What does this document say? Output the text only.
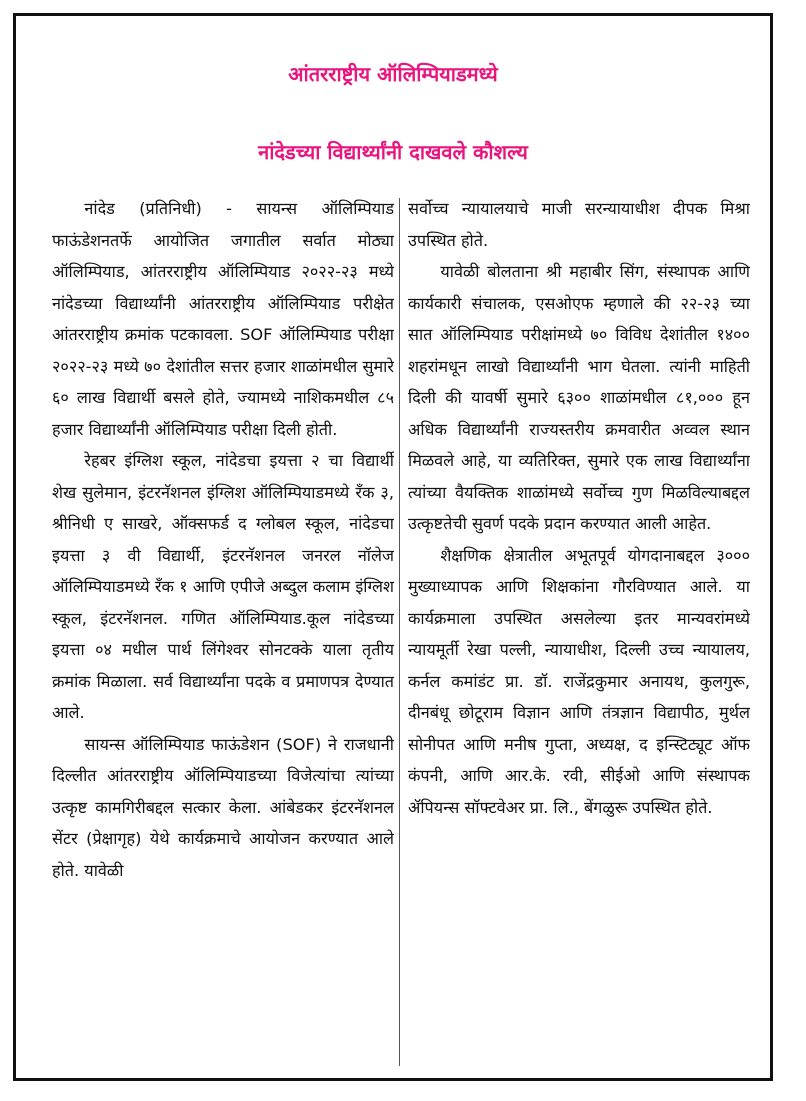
आंतरराष्ट्रीय ऑलिम्पियाडमध्ये
नांदेडच्या विद्यार्थ्यांनी दाखवले कौशल्य

नांदेड (प्रतिनिधी) - सायन्स ऑलिम्पियाड फाऊंडेशनतर्फे आयोजित जगातील सर्वात मोठ्या ऑलिम्पियाड, आंतरराष्ट्रीय ऑलिम्पियाड २०२२-२३ मध्ये नांदेडच्या विद्यार्थ्यांनी आंतरराष्ट्रीय ऑलिम्पियाड परीक्षेत आंतरराष्ट्रीय क्रमांक पटकावला. SOF ऑलिम्पियाड परीक्षा २०२२-२३ मध्ये ७० देशांतील सत्तर हजार शाळांमधील सुमारे ६० लाख विद्यार्थी बसले होते, ज्यामध्ये नाशिकमधील ८५ हजार विद्यार्थ्यांनी ऑलिम्पियाड परीक्षा दिली होती.

रेहबर इंग्लिश स्कूल, नांदेडचा इयत्ता २ चा विद्यार्थी शेख सुलेमान, इंटरनॅशनल इंग्लिश ऑलिम्पियाडमध्ये रँक ३, श्रीनिधी ए साखरे, ऑक्सफर्ड द ग्लोबल स्कूल, नांदेडचा इयत्ता ३ वी विद्यार्थी, इंटरनॅशनल जनरल नॉलेज ऑलिम्पियाडमध्ये रँक १ आणि एपीजे अब्दुल कलाम इंग्लिश स्कूल, इंटरनॅशनल. गणित ऑलिम्पियाड.कूल नांदेडच्या इयत्ता ०४ मधील पार्थ लिंगेश्वर सोनटक्के याला तृतीय क्रमांक मिळाला. सर्व विद्यार्थ्यांना पदके व प्रमाणपत्र देण्यात आले.

सायन्स ऑलिम्पियाड फाऊंडेशन (SOF) ने राजधानी दिल्लीत आंतरराष्ट्रीय ऑलिम्पियाडच्या विजेत्यांचा त्यांच्या उत्कृष्ट कामगिरीबद्दल सत्कार केला. आंबेडकर इंटरनॅशनल सेंटर (प्रेक्षागृह) येथे कार्यक्रमाचे आयोजन करण्यात आले होते. यावेळी

सर्वोच्च न्यायालयाचे माजी सरन्यायाधीश दीपक मिश्रा उपस्थित होते.

यावेळी बोलताना श्री महाबीर सिंग, संस्थापक आणि कार्यकारी संचालक, एसओएफ म्हणाले की २२-२३ च्या सात ऑलिम्पियाड परीक्षांमध्ये ७० विविध देशांतील १४०० शहरांमधून लाखो विद्यार्थ्यांनी भाग घेतला. त्यांनी माहिती दिली की यावर्षी सुमारे ६३०० शाळांमधील ८१,००० हून अधिक विद्यार्थ्यांनी राज्यस्तरीय क्रमवारीत अव्वल स्थान मिळवले आहे, या व्यतिरिक्त, सुमारे एक लाख विद्यार्थ्यांना त्यांच्या वैयक्तिक शाळांमध्ये सर्वोच्च गुण मिळविल्याबद्दल उत्कृष्टतेची सुवर्ण पदके प्रदान करण्यात आली आहेत.

शैक्षणिक क्षेत्रातील अभूतपूर्व योगदानाबद्दल ३००० मुख्याध्यापक आणि शिक्षकांना गौरविण्यात आले. या कार्यक्रमाला उपस्थित असलेल्या इतर मान्यवरांमध्ये न्यायमूर्ती रेखा पल्ली, न्यायाधीश, दिल्ली उच्च न्यायालय, कर्नल कमांडंट प्रा. डॉ. राजेंद्रकुमार अनायथ, कुलगुरू, दीनबंधू छोटूराम विज्ञान आणि तंत्रज्ञान विद्यापीठ, मुर्थल सोनीपत आणि मनीष गुप्ता, अध्यक्ष, द इन्स्टिट्यूट ऑफ कंपनी, आणि आर.के. रवी, सीईओ आणि संस्थापक ॲपियन्स सॉफ्टवेअर प्रा. लि., बेंगळुरू उपस्थित होते.
